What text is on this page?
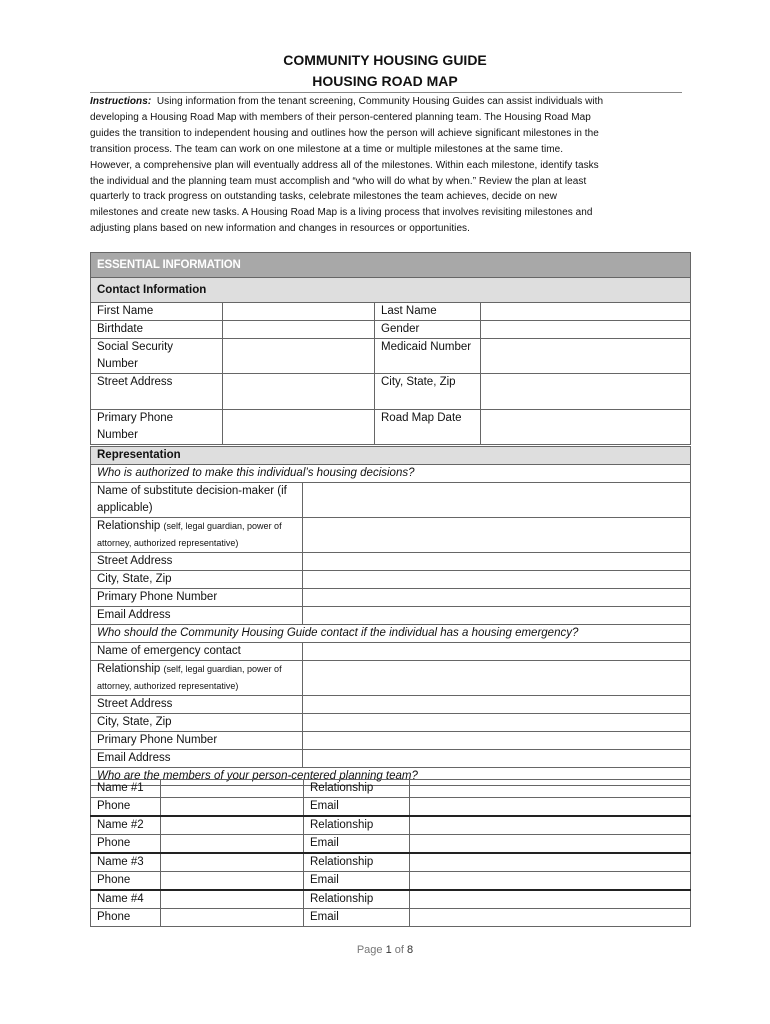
COMMUNITY HOUSING GUIDE
HOUSING ROAD MAP
Instructions: Using information from the tenant screening, Community Housing Guides can assist individuals with
developing a Housing Road Map with members of their person-centered planning team. The Housing Road Map
guides the transition to independent housing and outlines how the person will achieve significant milestones in the
transition process. The team can work on one milestone at a time or multiple milestones at the same time.
However, a comprehensive plan will eventually address all of the milestones. Within each milestone, identify tasks
the individual and the planning team must accomplish and “who will do what by when.” Review the plan at least
quarterly to track progress on outstanding tasks, celebrate milestones the team achieves, decide on new
milestones and create new tasks. A Housing Road Map is a living process that involves revisiting milestones and
adjusting plans based on new information and changes in resources or opportunities.
ESSENTIAL INFORMATION			
Contact Information			
First Name		Last Name	
Birthdate		Gender	
Social Security Number		Medicaid Number	
Street Address		City, State, Zip	
Primary Phone Number		Road Map Date	
Representation	
Who is authorized to make this individual’s housing decisions?	
Name of substitute decision-maker (if applicable)	
Relationship (self, legal guardian, power of attorney, authorized representative)	
Street Address	
City, State, Zip	
Primary Phone Number	
Email Address	
Who should the Community Housing Guide contact if the individual has a housing emergency?	
Name of emergency contact	
Relationship (self, legal guardian, power of attorney, authorized representative)	
Street Address	
City, State, Zip	
Primary Phone Number	
Email Address	
Who are the members of your person-centered planning team?	
Name #1		Relationship	
Phone		Email	
Name #2		Relationship	
Phone		Email	
Name #3		Relationship	
Phone		Email	
Name #4		Relationship	
Phone		Email	
Page 1 of 8
